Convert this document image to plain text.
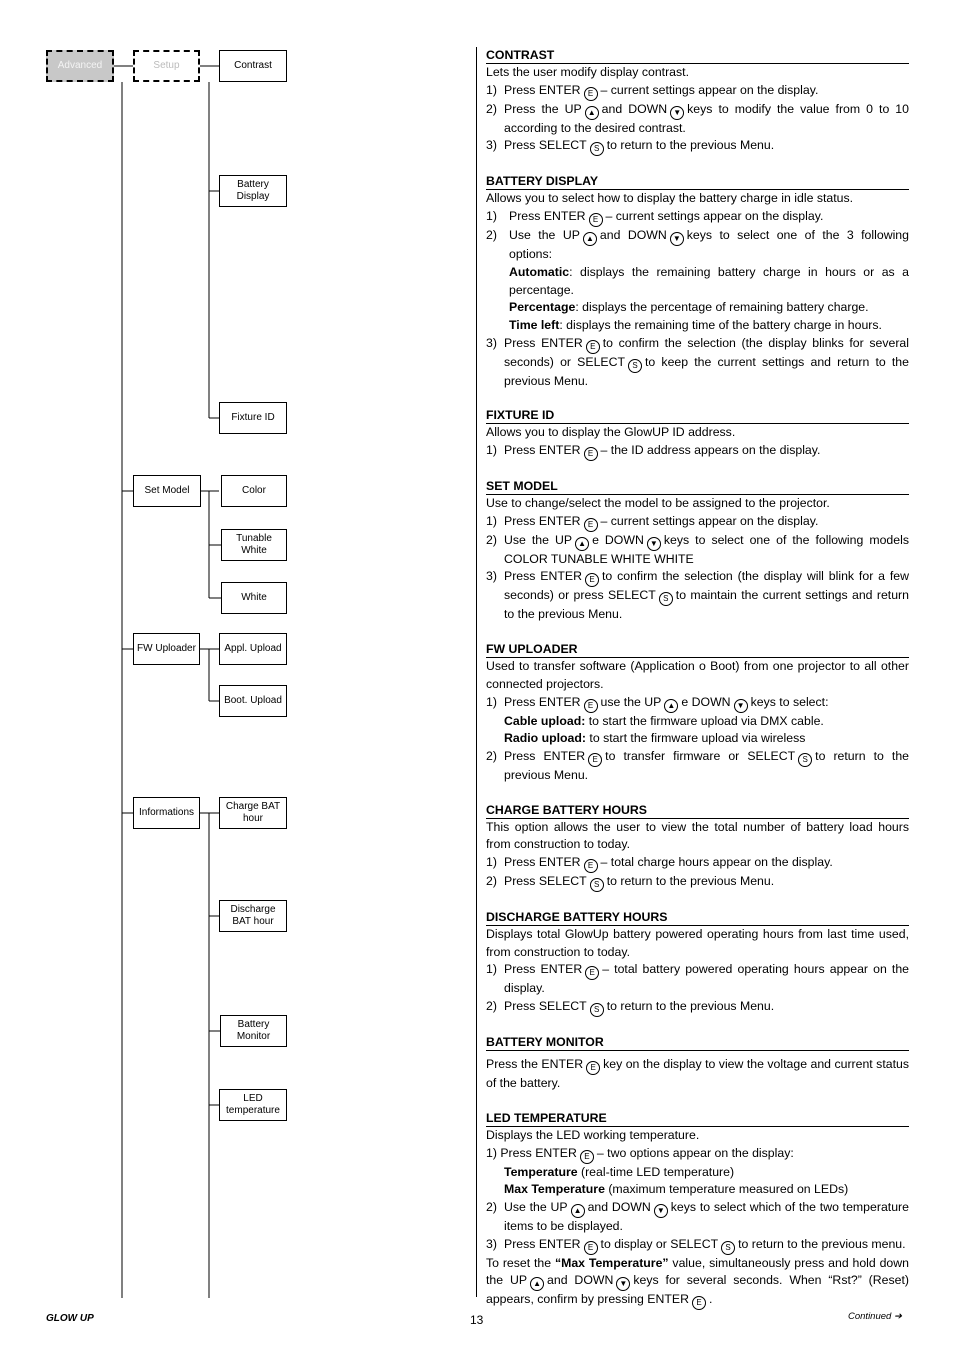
Advanced	Setup	Contrast
Battery Display
Fixture ID
Set Model	Color
Tunable White
White
FW Uploader	Appl. Upload
Boot. Upload
Informations
Charge BAT hour
Discharge BAT hour
Battery Monitor
LED temperature
CONTRAST

Lets the user modify display contrast.

1) Press ENTER E – current settings appear on the display.
2) Press the UP ▲ and DOWN ▼ keys to modify the value from 0 to 10 according to the desired contrast.
3) Press SELECT S to return to the previous Menu.
BATTERY DISPLAY

Allows you to select how to display the battery charge in idle status.

1) Press ENTER E – current settings appear on the display.
2) Use the UP ▲ and DOWN ▼ keys to select one of the 3 following options:
Automatic: displays the remaining battery charge in hours or as a percentage.
Percentage: displays the percentage of remaining battery charge.
Time left: displays the remaining time of the battery charge in hours.
3) Press ENTER E to confirm the selection (the display blinks for several seconds) or SELECT S to keep the current settings and return to the previous Menu.
FIXTURE ID

Allows you to display the GlowUP ID address.

1) Press ENTER E – the ID address appears on the display.
SET MODEL

Use to change/select the model to be assigned to the projector.

1) Press ENTER E – current settings appear on the display.
2) Use the UP ▲ e DOWN ▼ keys to select one of the following models COLOR TUNABLE WHITE WHITE
3) Press ENTER E to confirm the selection (the display will blink for a few seconds) or press SELECT S to maintain the current settings and return to the previous Menu.
FW UPLOADER

Used to transfer software (Application o Boot) from one projector to all other connected projectors.

1) Press ENTER E use the UP ▲ e DOWN ▼ keys to select:
Cable upload: to start the firmware upload via DMX cable.
Radio upload: to start the firmware upload via wireless
2) Press ENTER E to transfer firmware or SELECT S to return to the previous Menu.
CHARGE BATTERY HOURS

This option allows the user to view the total number of battery load hours from construction to today.

1) Press ENTER E – total charge hours appear on the display.
2) Press SELECT S to return to the previous Menu.
DISCHARGE BATTERY HOURS

Displays total GlowUp battery powered operating hours from last time used, from construction to today.

1) Press ENTER E – total battery powered operating hours appear on the display.
2) Press SELECT S to return to the previous Menu.
BATTERY MONITOR

Press the ENTER E key on the display to view the voltage and current status of the battery.

LED TEMPERATURE

Displays the LED working temperature.

1) Press ENTER E – two options appear on the display:

Temperature (real-time LED temperature)
Max Temperature (maximum temperature measured on LEDs)
2) Use the UP ▲ and DOWN ▼ keys to select which of the two temperature items to be displayed.
3) Press ENTER E to display or SELECT S to return to the previous menu.

To reset the “Max Temperature” value, simultaneously press and hold down the UP ▲ and DOWN ▼ keys for several seconds. When “Rst?” (Reset) appears, confirm by pressing ENTER E .

GLOW UP	13	Continued ➔
